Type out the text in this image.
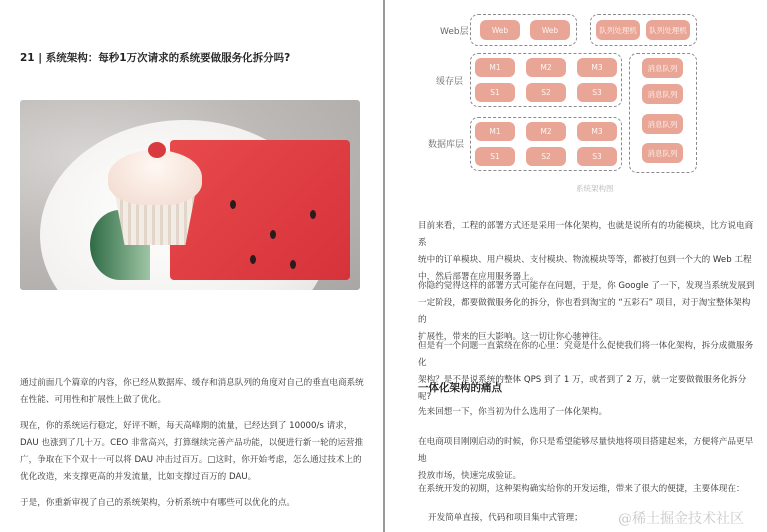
21 | 系统架构：每秒1万次请求的系统要做服务化拆分吗?
通过前面几个篇章的内容，你已经从数据库、缓存和消息队列的角度对自己的垂直电商系统
在性能、可用性和扩展性上做了优化。
现在，你的系统运行稳定，好评不断，每天高峰期的流量，已经达到了 10000/s 请求，
DAU 也涨到了几十万。CEO 非常高兴，打算继续完善产品功能，以便进行新一轮的运营推
广，争取在下个双十一可以将 DAU 冲击过百万。□这时，你开始考虑，怎么通过技术上的
优化改造，来支撑更高的并发流量，比如支撑过百万的 DAU。
于是，你重新审视了自己的系统架构，分析系统中有哪些可以优化的点。
Web层
缓存层
数据库层
Web	Web	队列处理机	队列处理机
M1	M2	M3
S1	S2	S3
M1	M2	M3
S1	S2	S3
消息队列
消息队列
消息队列
消息队列
系统架构图
目前来看，工程的部署方式还是采用一体化架构，也就是说所有的功能模块，比方说电商系
统中的订单模块、用户模块、支付模块、物流模块等等，都被打包到一个大的 Web 工程
中，然后部署在应用服务器上。
你隐约觉得这样的部署方式可能存在问题，于是，你 Google 了一下，发现当系统发展到
一定阶段，都要做微服务化的拆分，你也看到淘宝的 “五彩石” 项目，对于淘宝整体架构的
扩展性，带来的巨大影响。这一切让你心驰神往。
但是有一个问题一直萦绕在你的心里：究竟是什么促使我们将一体化架构，拆分成微服务化
架构？是不是说系统的整体 QPS 到了 1 万，或者到了 2 万，就一定要做微服务化拆分呢?
一体化架构的痛点
先来回想一下，你当初为什么选用了一体化架构。
在电商项目刚刚启动的时候，你只是希望能够尽量快地将项目搭建起来，方便将产品更早地
投放市场，快速完成验证。
在系统开发的初期，这种架构确实给你的开发运维，带来了很大的便捷，主要体现在：
开发简单直接，代码和项目集中式管理；	@稀土掘金技术社区
